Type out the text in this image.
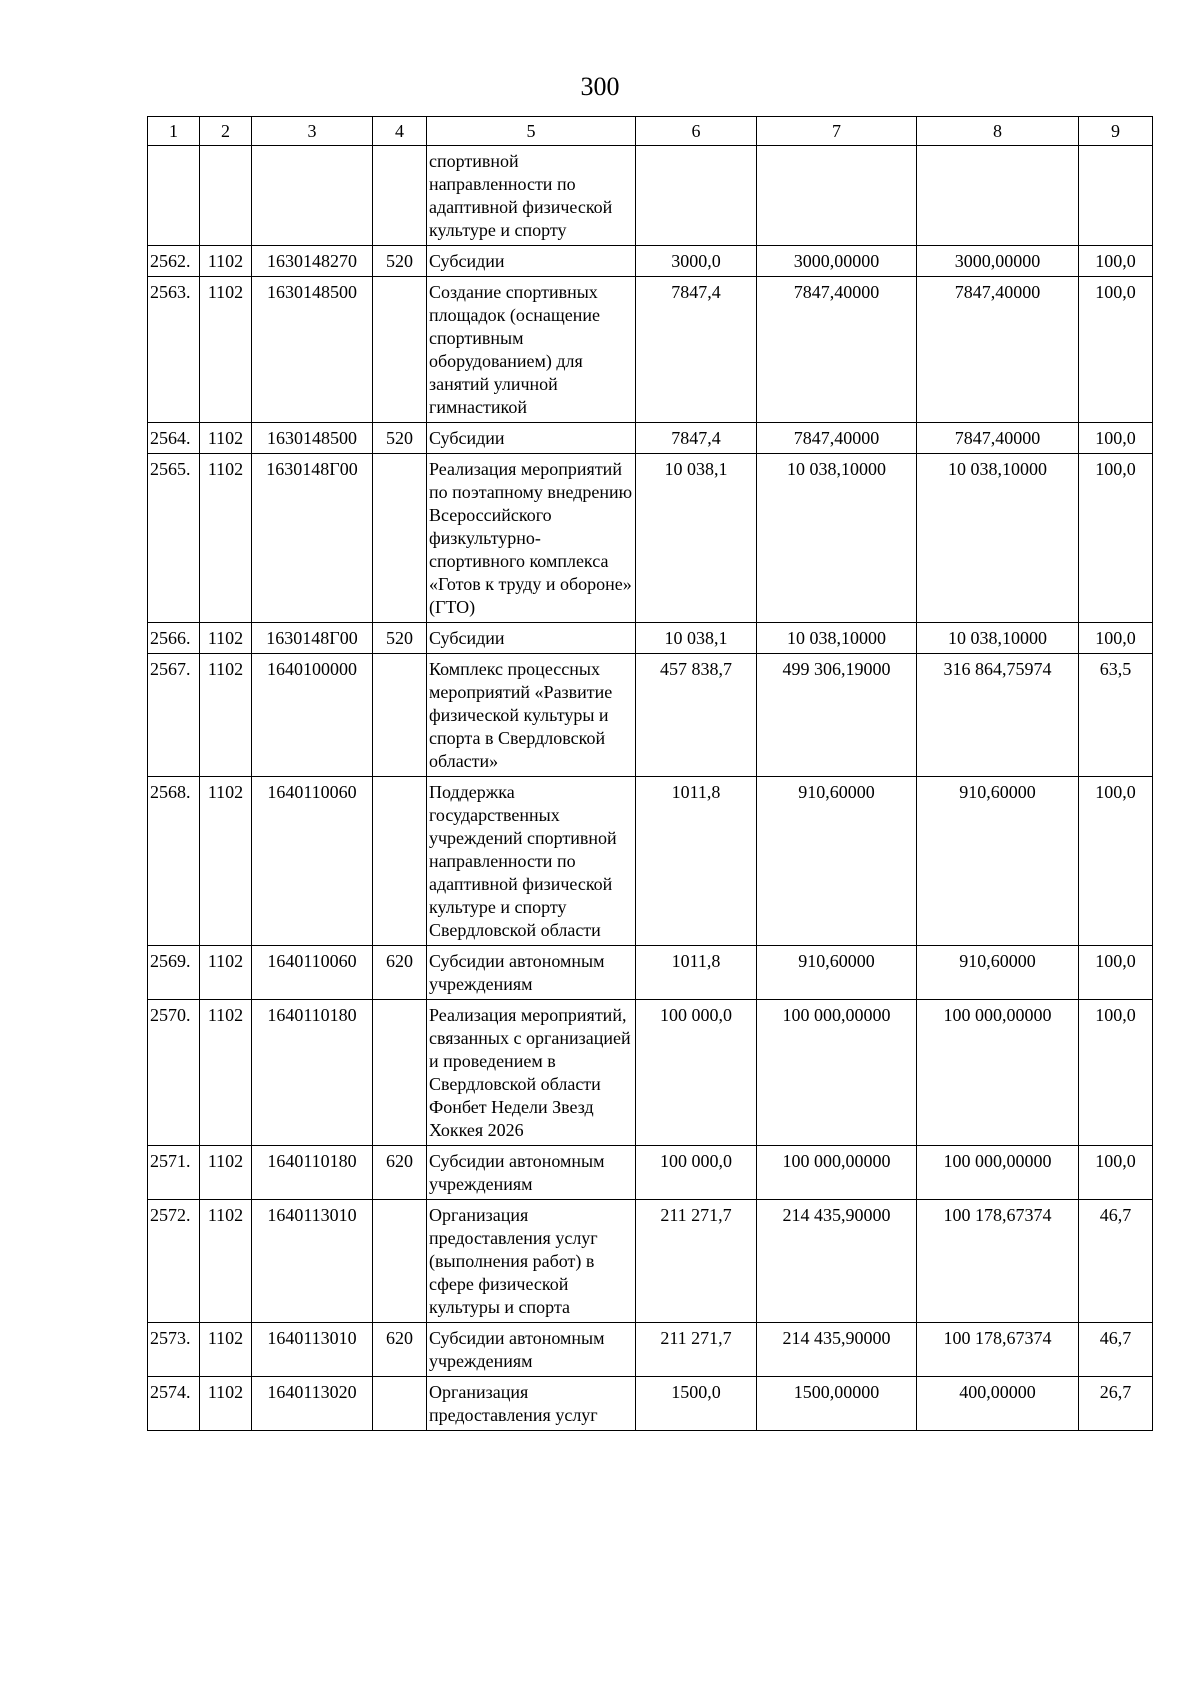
300
1	2	3	4	5	6	7	8	9
				спортивной направленности по адаптивной физической культуре и спорту				
2562.	1102	1630148270	520	Субсидии	3000,0	3000,00000	3000,00000	100,0
2563.	1102	1630148500		Создание спортивных площадок (оснащение спортивным оборудованием) для занятий уличной гимнастикой	7847,4	7847,40000	7847,40000	100,0
2564.	1102	1630148500	520	Субсидии	7847,4	7847,40000	7847,40000	100,0
2565.	1102	1630148Г00		Реализация мероприятий по поэтапному внедрению Всероссийского физкультурно-спортивного комплекса «Готов к труду и обороне» (ГТО)	10 038,1	10 038,10000	10 038,10000	100,0
2566.	1102	1630148Г00	520	Субсидии	10 038,1	10 038,10000	10 038,10000	100,0
2567.	1102	1640100000		Комплекс процессных мероприятий «Развитие физической культуры и спорта в Свердловской области»	457 838,7	499 306,19000	316 864,75974	63,5
2568.	1102	1640110060		Поддержка государственных учреждений спортивной направленности по адаптивной физической культуре и спорту Свердловской области	1011,8	910,60000	910,60000	100,0
2569.	1102	1640110060	620	Субсидии автономным учреждениям	1011,8	910,60000	910,60000	100,0
2570.	1102	1640110180		Реализация мероприятий, связанных с организацией и проведением в Свердловской области Фонбет Недели Звезд Хоккея 2026	100 000,0	100 000,00000	100 000,00000	100,0
2571.	1102	1640110180	620	Субсидии автономным учреждениям	100 000,0	100 000,00000	100 000,00000	100,0
2572.	1102	1640113010		Организация предоставления услуг (выполнения работ) в сфере физической культуры и спорта	211 271,7	214 435,90000	100 178,67374	46,7
2573.	1102	1640113010	620	Субсидии автономным учреждениям	211 271,7	214 435,90000	100 178,67374	46,7
2574.	1102	1640113020		Организация предоставления услуг	1500,0	1500,00000	400,00000	26,7
